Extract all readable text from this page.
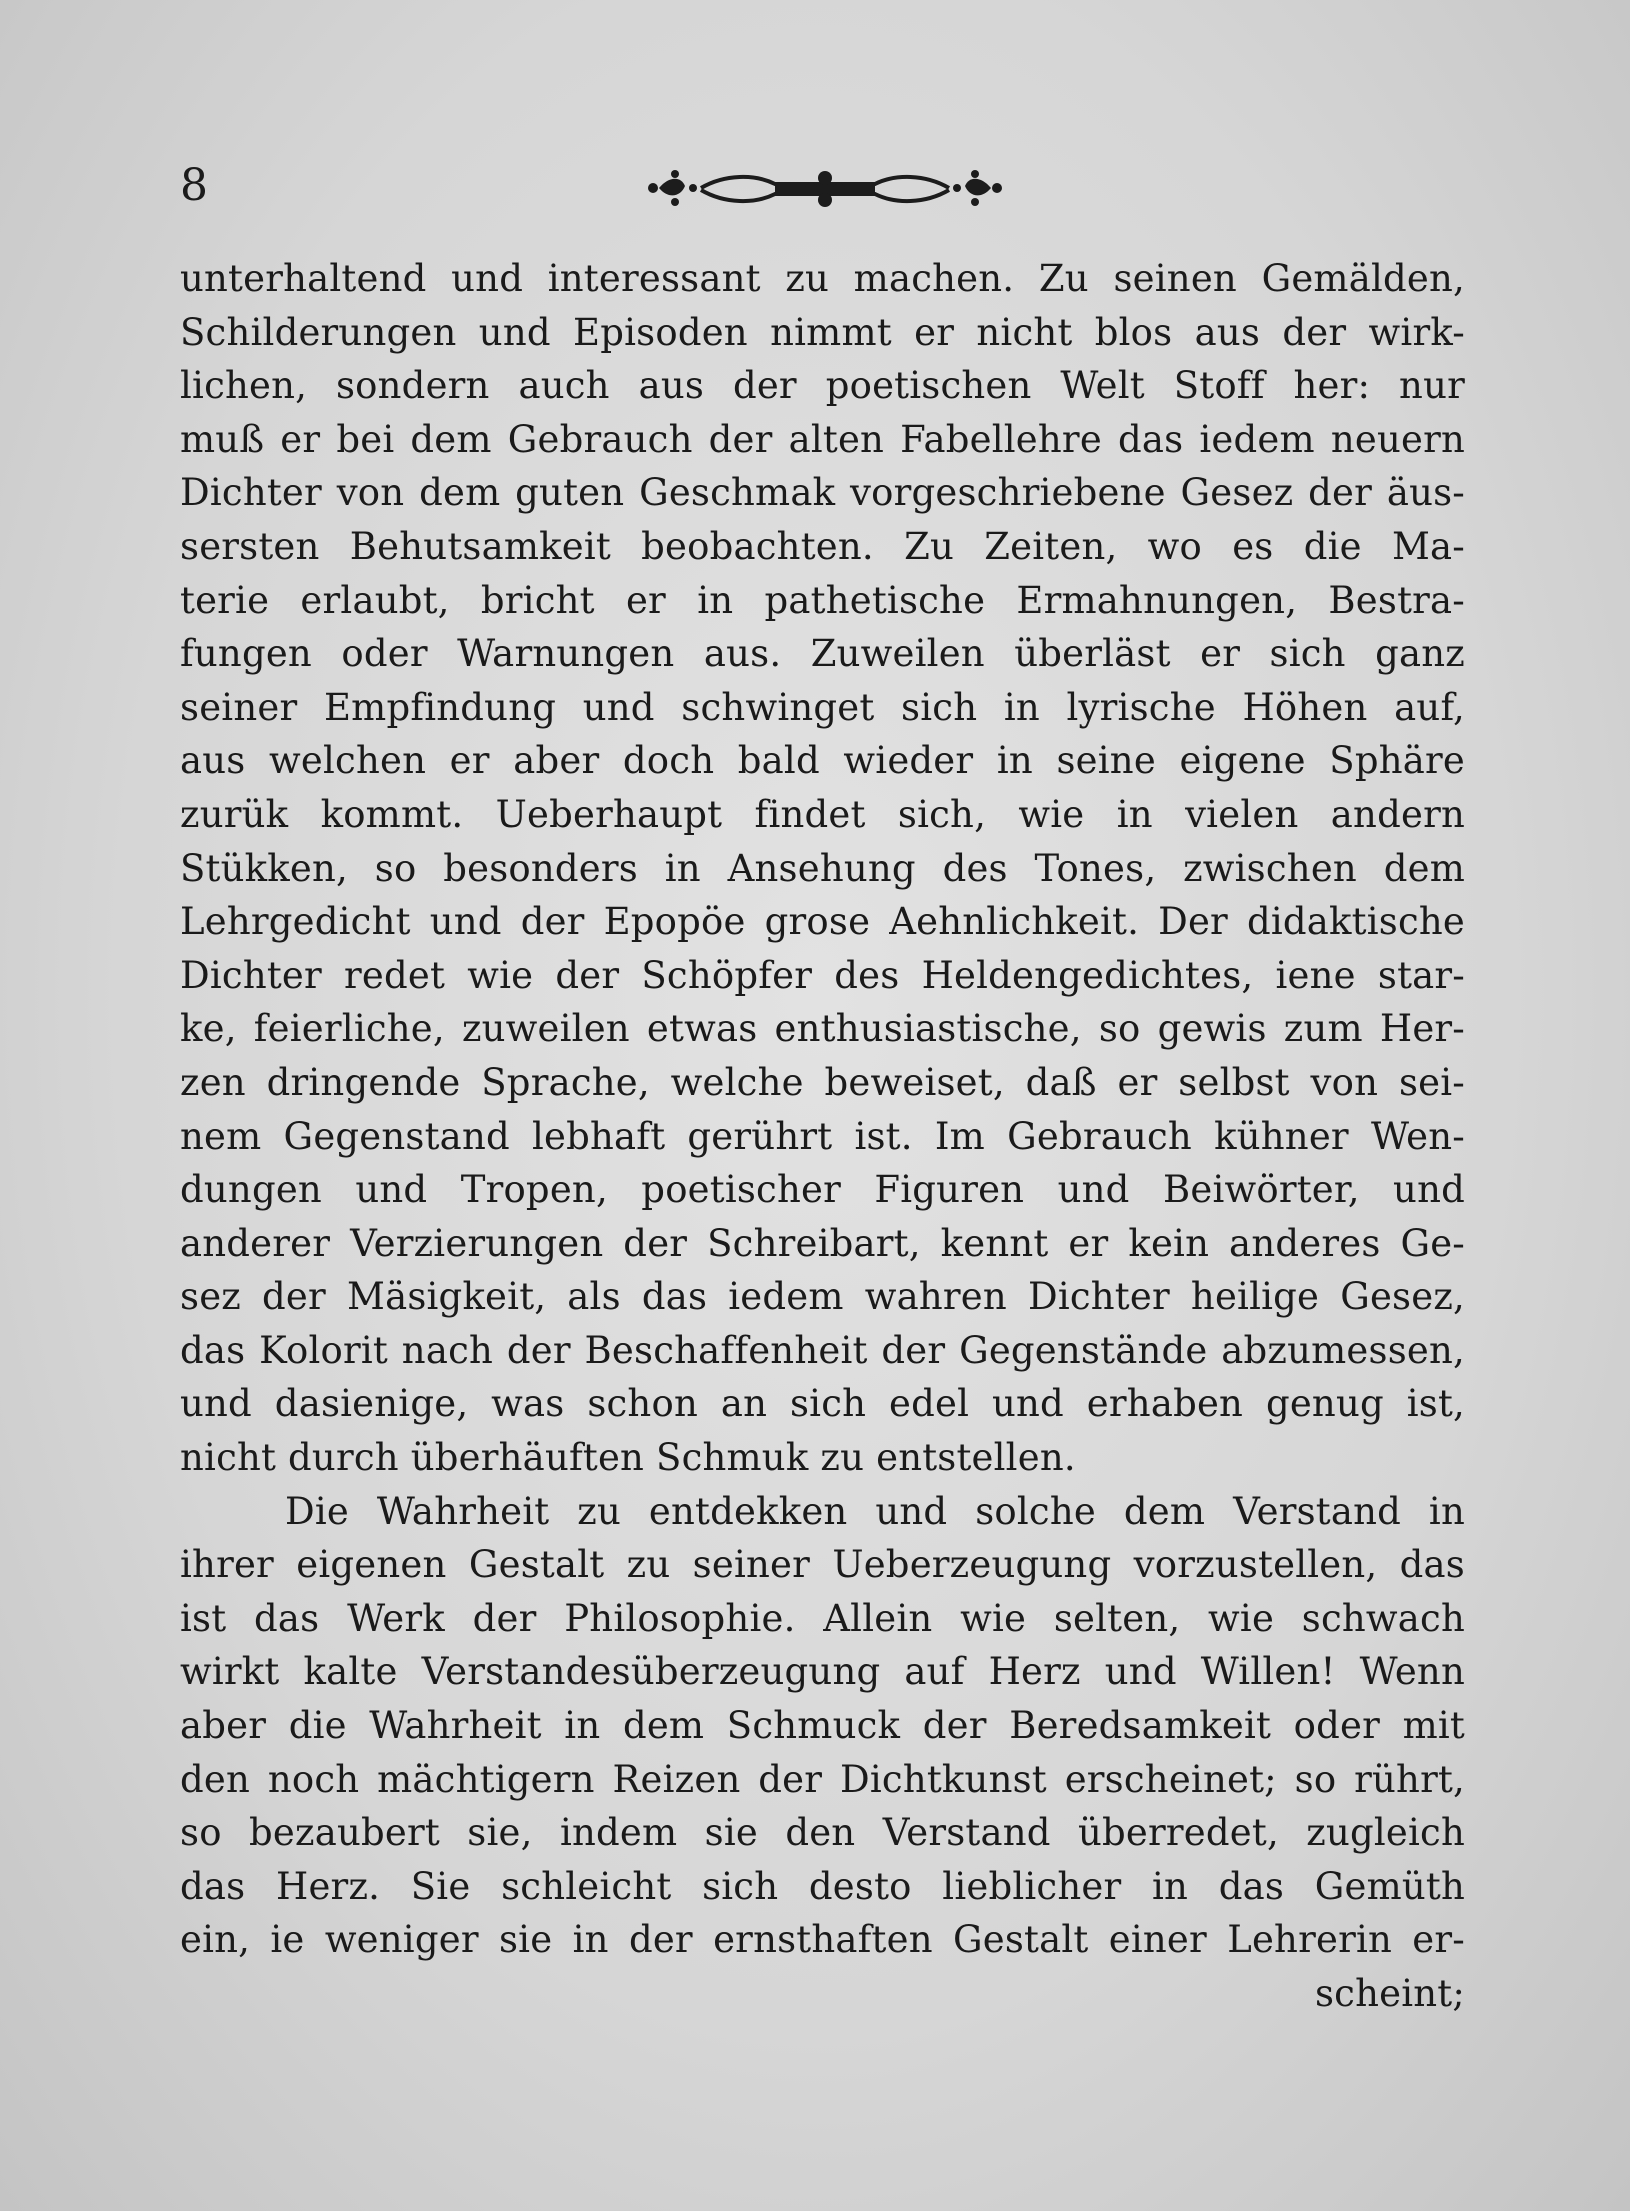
8
unterhaltend und interessant zu machen. Zu seinen Gemälden,
Schilderungen und Episoden nimmt er nicht blos aus der wirk-
lichen, sondern auch aus der poetischen Welt Stoff her: nur
muß er bei dem Gebrauch der alten Fabellehre das iedem neuern
Dichter von dem guten Geschmak vorgeschriebene Gesez der äus-
sersten Behutsamkeit beobachten. Zu Zeiten, wo es die Ma-
terie erlaubt, bricht er in pathetische Ermahnungen, Bestra-
fungen oder Warnungen aus. Zuweilen überläst er sich ganz
seiner Empfindung und schwinget sich in lyrische Höhen auf,
aus welchen er aber doch bald wieder in seine eigene Sphäre
zurük kommt. Ueberhaupt findet sich, wie in vielen andern
Stükken, so besonders in Ansehung des Tones, zwischen dem
Lehrgedicht und der Epopöe grose Aehnlichkeit. Der didaktische
Dichter redet wie der Schöpfer des Heldengedichtes, iene star-
ke, feierliche, zuweilen etwas enthusiastische, so gewis zum Her-
zen dringende Sprache, welche beweiset, daß er selbst von sei-
nem Gegenstand lebhaft gerührt ist. Im Gebrauch kühner Wen-
dungen und Tropen, poetischer Figuren und Beiwörter, und
anderer Verzierungen der Schreibart, kennt er kein anderes Ge-
sez der Mäsigkeit, als das iedem wahren Dichter heilige Gesez,
das Kolorit nach der Beschaffenheit der Gegenstände abzumessen,
und dasienige, was schon an sich edel und erhaben genug ist,
nicht durch überhäuften Schmuk zu entstellen.
Die Wahrheit zu entdekken und solche dem Verstand in
ihrer eigenen Gestalt zu seiner Ueberzeugung vorzustellen, das
ist das Werk der Philosophie. Allein wie selten, wie schwach
wirkt kalte Verstandesüberzeugung auf Herz und Willen! Wenn
aber die Wahrheit in dem Schmuck der Beredsamkeit oder mit
den noch mächtigern Reizen der Dichtkunst erscheinet; so rührt,
so bezaubert sie, indem sie den Verstand überredet, zugleich
das Herz. Sie schleicht sich desto lieblicher in das Gemüth
ein, ie weniger sie in der ernsthaften Gestalt einer Lehrerin er-
scheint;
